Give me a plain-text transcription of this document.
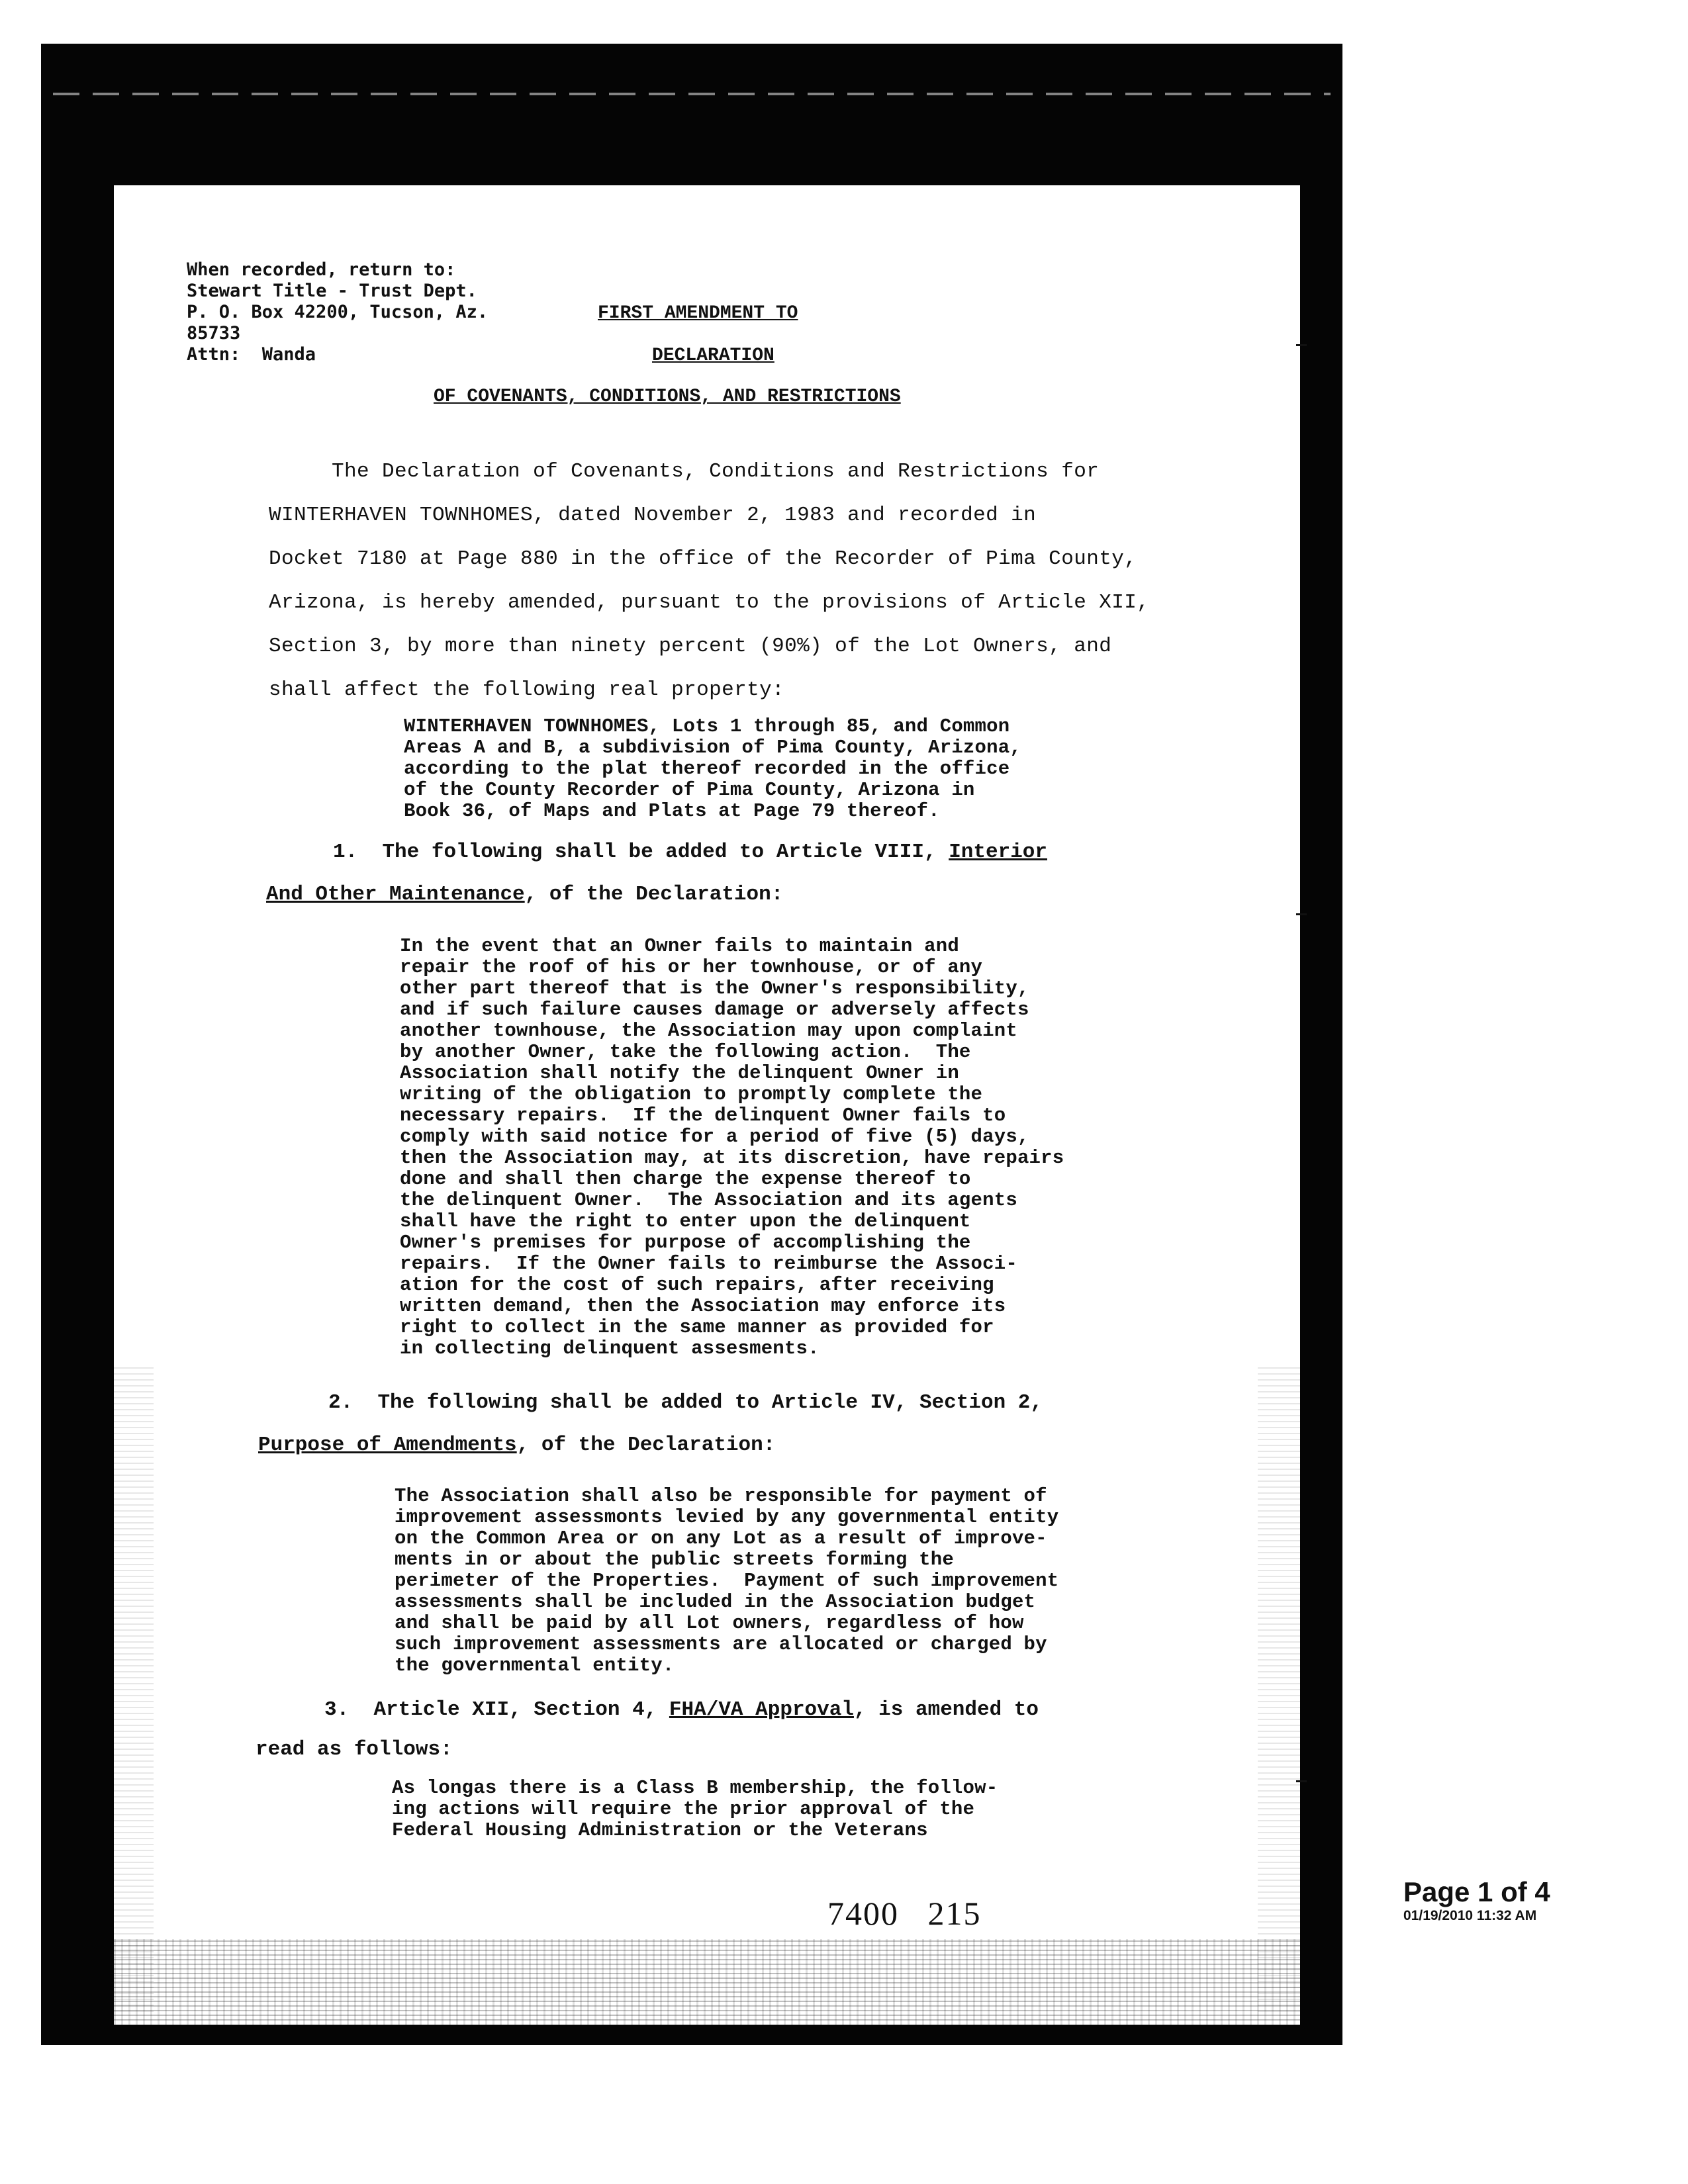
When recorded, return to:
Stewart Title - Trust Dept.
P. O. Box 42200, Tucson, Az.
85733
Attn:  Wanda
FIRST AMENDMENT TO
DECLARATION
OF COVENANTS, CONDITIONS, AND RESTRICTIONS
The Declaration of Covenants, Conditions and Restrictions for
WINTERHAVEN TOWNHOMES, dated November 2, 1983 and recorded in
Docket 7180 at Page 880 in the office of the Recorder of Pima County,
Arizona, is hereby amended, pursuant to the provisions of Article XII,
Section 3, by more than ninety percent (90%) of the Lot Owners, and
shall affect the following real property:
WINTERHAVEN TOWNHOMES, Lots 1 through 85, and Common
Areas A and B, a subdivision of Pima County, Arizona,
according to the plat thereof recorded in the office
of the County Recorder of Pima County, Arizona in
Book 36, of Maps and Plats at Page 79 thereof.
1. The following shall be added to Article VIII, Interior
And Other Maintenance, of the Declaration:
In the event that an Owner fails to maintain and
repair the roof of his or her townhouse, or of any
other part thereof that is the Owner's responsibility,
and if such failure causes damage or adversely affects
another townhouse, the Association may upon complaint
by another Owner, take the following action.  The
Association shall notify the delinquent Owner in
writing of the obligation to promptly complete the
necessary repairs.  If the delinquent Owner fails to
comply with said notice for a period of five (5) days,
then the Association may, at its discretion, have repairs
done and shall then charge the expense thereof to
the delinquent Owner.  The Association and its agents
shall have the right to enter upon the delinquent
Owner's premises for purpose of accomplishing the
repairs.  If the Owner fails to reimburse the Associ-
ation for the cost of such repairs, after receiving
written demand, then the Association may enforce its
right to collect in the same manner as provided for
in collecting delinquent assesments.
2. The following shall be added to Article IV, Section 2,
Purpose of Amendments, of the Declaration:
The Association shall also be responsible for payment of
improvement assessmonts levied by any governmental entity
on the Common Area or on any Lot as a result of improve-
ments in or about the public streets forming the
perimeter of the Properties.  Payment of such improvement
assessments shall be included in the Association budget
and shall be paid by all Lot owners, regardless of how
such improvement assessments are allocated or charged by
the governmental entity.
3. Article XII, Section 4, FHA/VA Approval, is amended to
read as follows:
As longas there is a Class B membership, the follow-
ing actions will require the prior approval of the
Federal Housing Administration or the Veterans
7400   215
Page 1 of 4
01/19/2010 11:32 AM
